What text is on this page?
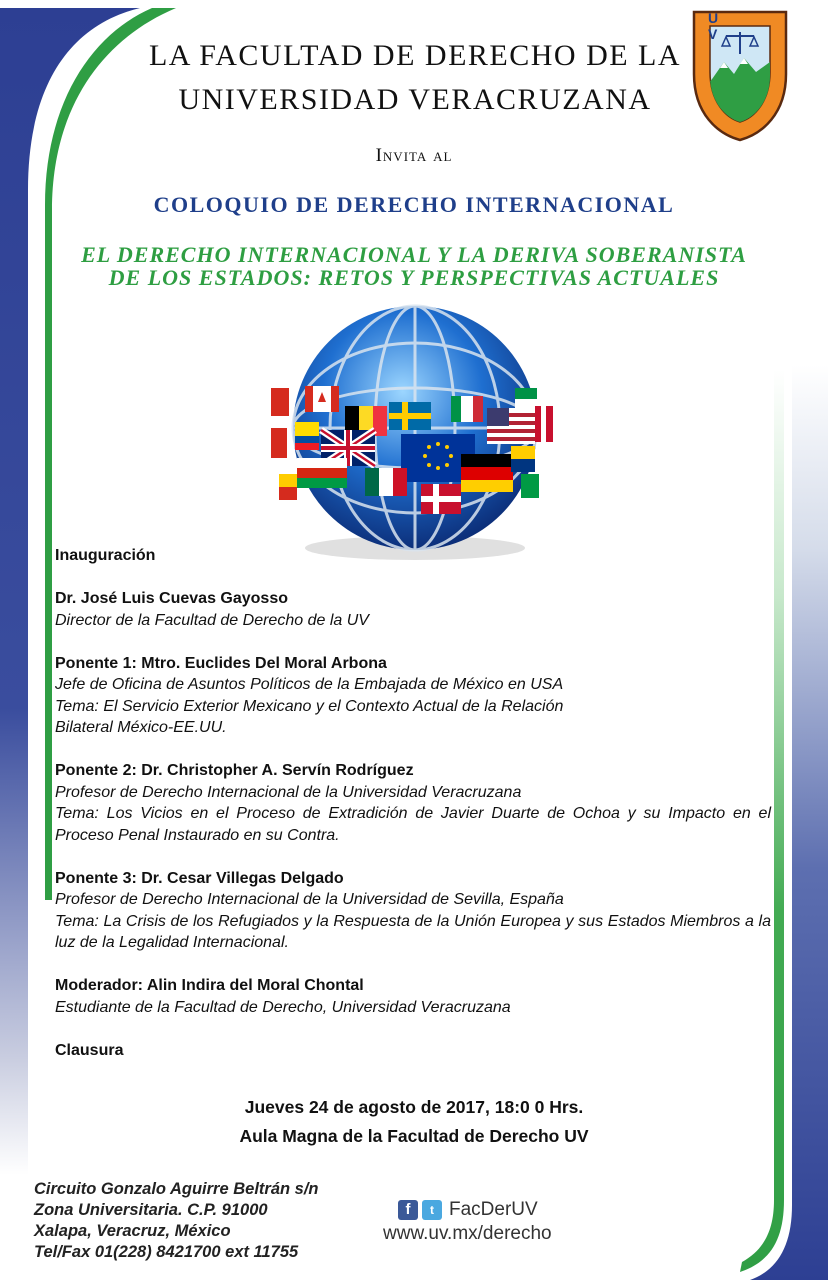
LA FACULTAD DE DERECHO DE LA
UNIVERSIDAD VERACRUZANA
U V
Invita al
COLOQUIO DE DERECHO INTERNACIONAL
EL DERECHO INTERNACIONAL Y LA DERIVA SOBERANISTA
DE LOS ESTADOS: RETOS Y PERSPECTIVAS ACTUALES

Inauguración

Dr. José Luis Cuevas Gayosso

Director de la Facultad de Derecho de la UV

Ponente 1: Mtro. Euclides Del Moral Arbona

Jefe de Oficina de Asuntos Políticos de la Embajada de México en USA

Tema: El Servicio Exterior Mexicano y el Contexto Actual de la Relación

Bilateral México-EE.UU.

Ponente 2: Dr. Christopher A. Servín Rodríguez

Profesor de Derecho Internacional de la Universidad Veracruzana

Tema: Los Vicios en el Proceso de Extradición de Javier Duarte de Ochoa y su Impacto en el Proceso Penal Instaurado en su Contra.

Ponente 3: Dr. Cesar Villegas Delgado

Profesor de Derecho Internacional de la Universidad de Sevilla, España

Tema: La Crisis de los Refugiados y la Respuesta de la Unión Europea y sus Estados Miembros a la luz de la Legalidad Internacional.

Moderador: Alin Indira del Moral Chontal

Estudiante de la Facultad de Derecho, Universidad Veracruzana

Clausura

Jueves 24 de agosto de 2017, 18:0 0 Hrs.
Aula Magna de la Facultad de Derecho UV
Circuito Gonzalo Aguirre Beltrán s/n
Zona Universitaria. C.P. 91000
Xalapa, Veracruz, México
Tel/Fax 01(228) 8421700 ext 11755
f	t FacDerUV
www.uv.mx/derecho
